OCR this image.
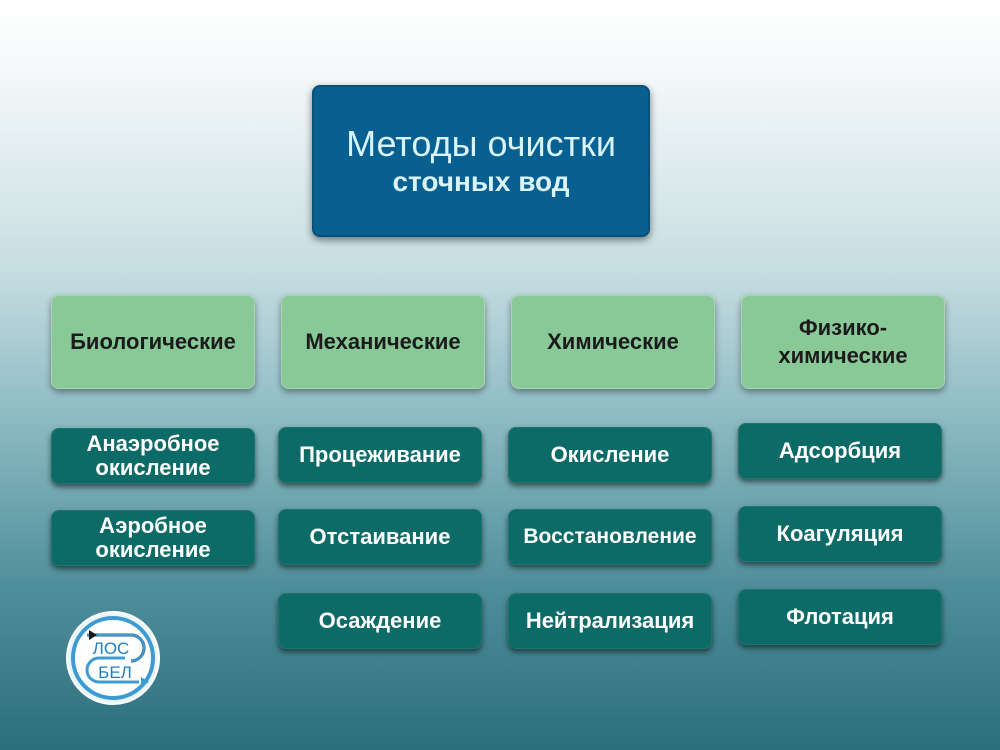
Методы очистки
сточных вод
Биологические	Механические	Химические
Физико-
химические
Анаэробное
окисление
Аэробное
окисление
Процеживание
Отстаивание
Осаждение
Окисление
Восстановление
Нейтрализация
Адсорбция
Коагуляция
Флотация
ЛОС
БЕЛ
